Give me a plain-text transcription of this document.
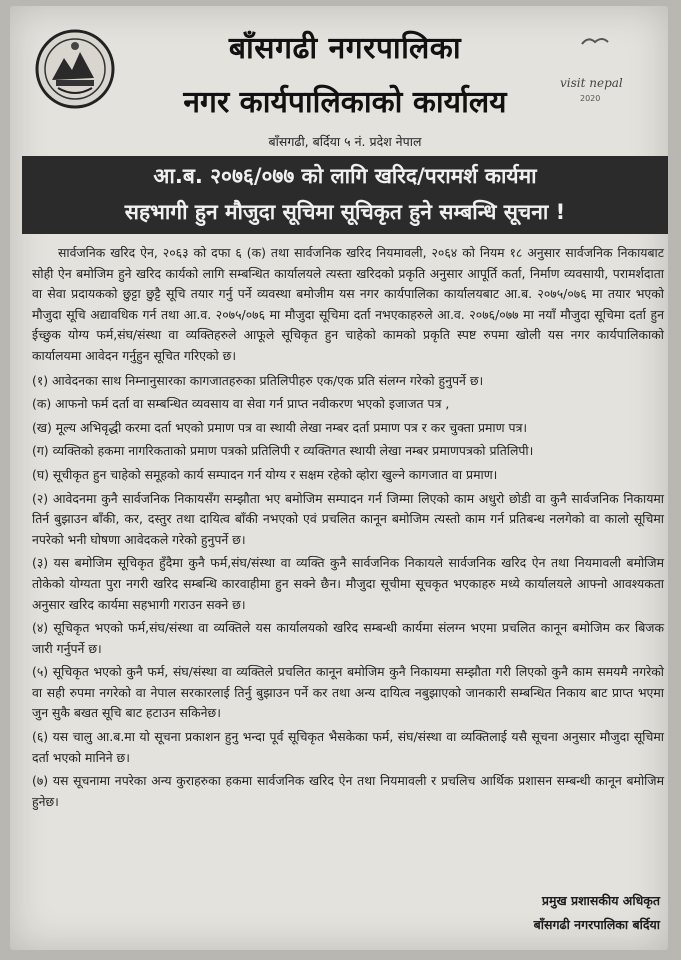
visit nepal
2020
बाँसगढी नगरपालिका
नगर कार्यपालिकाको कार्यालय
बाँसगढी, बर्दिया ५ नं. प्रदेश नेपाल
आ.ब. २०७६/०७७ को लागि खरिद/परामर्श कार्यमा
सहभागी हुन मौजुदा सूचिमा सूचिकृत हुने सम्बन्धि सूचना !

सार्वजनिक खरिद ऐन, २०६३ को दफा ६ (क) तथा सार्वजनिक खरिद नियमावली, २०६४ को नियम १८ अनुसार सार्वजनिक निकायबाट सोही ऐन बमोजिम हुने खरिद कार्यको लागि सम्बन्धित कार्यालयले त्यस्ता खरिदको प्रकृति अनुसार आपूर्ति कर्ता, निर्माण व्यवसायी, परामर्शदाता वा सेवा प्रदायकको छुट्टा छुट्टै सूचि तयार गर्नु पर्ने व्यवस्था बमोजीम यस नगर कार्यपालिका कार्यालयबाट आ.ब. २०७५/०७६ मा तयार भएको मौजुदा सूचि अद्यावधिक गर्न तथा आ.व. २०७५/०७६ मा मौजुदा सूचिमा दर्ता नभएकाहरुले आ.व. २०७६/०७७ मा नयाँ मौजुदा सूचिमा दर्ता हुन ईच्छुक योग्य फर्म,संघ/संस्था वा व्यक्तिहरुले आफूले सूचिकृत हुन चाहेको कामको प्रकृति स्पष्ट रुपमा खोली यस नगर कार्यपालिकाको कार्यालयमा आवेदन गर्नुहुन सूचित गरिएको छ।

(१) आवेदनका साथ निम्नानुसारका कागजातहरुका प्रतिलिपीहरु एक/एक प्रति संलग्न गरेको हुनुपर्ने छ।

(क) आफनो फर्म दर्ता वा सम्बन्धित व्यवसाय वा सेवा गर्न प्राप्त नवीकरण भएको इजाजत पत्र ,

(ख) मूल्य अभिवृद्धी करमा दर्ता भएको प्रमाण पत्र वा स्थायी लेखा नम्बर दर्ता प्रमाण पत्र र कर चुक्ता प्रमाण पत्र।

(ग) व्यक्तिको हकमा नागरिकताको प्रमाण पत्रको प्रतिलिपी र व्यक्तिगत स्थायी लेखा नम्बर प्रमाणपत्रको प्रतिलिपी।

(घ) सूचीकृत हुन चाहेको समूहको कार्य सम्पादन गर्न योग्य र सक्षम रहेको व्होरा खुल्ने कागजात वा प्रमाण।

(२) आवेदनमा कुनै सार्वजनिक निकायसँग सम्झौता भए बमोजिम सम्पादन गर्न जिम्मा लिएको काम अधुरो छोडी वा कुनै सार्वजनिक निकायमा तिर्न बुझाउन बाँकी, कर, दस्तुर तथा दायित्व बाँकी नभएको एवं प्रचलित कानून बमोजिम त्यस्तो काम गर्न प्रतिबन्ध नलगेको वा कालो सूचिमा नपरेको भनी घोषणा आवेदकले गरेको हुनुपर्ने छ।

(३) यस बमोजिम सूचिकृत हुँदैमा कुनै फर्म,संघ/संस्था वा व्यक्ति कुनै सार्वजनिक निकायले सार्वजनिक खरिद ऐन तथा नियमावली बमोजिम तोकेको योग्यता पुरा नगरी खरिद सम्बन्धि कारवाहीमा हुन सक्ने छैन। मौजुदा सूचीमा सूचकृत भएकाहरु मध्ये कार्यालयले आफ्नो आवश्यकता अनुसार खरिद कार्यमा सहभागी गराउन सक्ने छ।

(४) सूचिकृत भएको फर्म,संघ/संस्था वा व्यक्तिले यस कार्यालयको खरिद सम्बन्धी कार्यमा संलग्न भएमा प्रचलित कानून बमोजिम कर बिजक जारी गर्नुपर्ने छ।

(५) सूचिकृत भएको कुनै फर्म, संघ/संस्था वा व्यक्तिले प्रचलित कानून बमोजिम कुनै निकायमा सम्झौता गरी लिएको कुनै काम समयमै नगरेको वा सही रुपमा नगरेको वा नेपाल सरकारलाई तिर्नु बुझाउन पर्ने कर तथा अन्य दायित्व नबुझाएको जानकारी सम्बन्धित निकाय बाट प्राप्त भएमा जुन सुकै बखत सूचि बाट हटाउन सकिनेछ।

(६) यस चालु आ.ब.मा यो सूचना प्रकाशन हुनु भन्दा पूर्व सूचिकृत भैसकेका फर्म, संघ/संस्था वा व्यक्तिलाई यसै सूचना अनुसार मौजुदा सूचिमा दर्ता भएको मानिने छ।

(७) यस सूचनामा नपरेका अन्य कुराहरुका हकमा सार्वजनिक खरिद ऐन तथा नियमावली र प्रचलिच आर्थिक प्रशासन सम्बन्धी कानून बमोजिम हुनेछ।

प्रमुख प्रशासकीय अधिकृत
बाँसगढी नगरपालिका बर्दिया
